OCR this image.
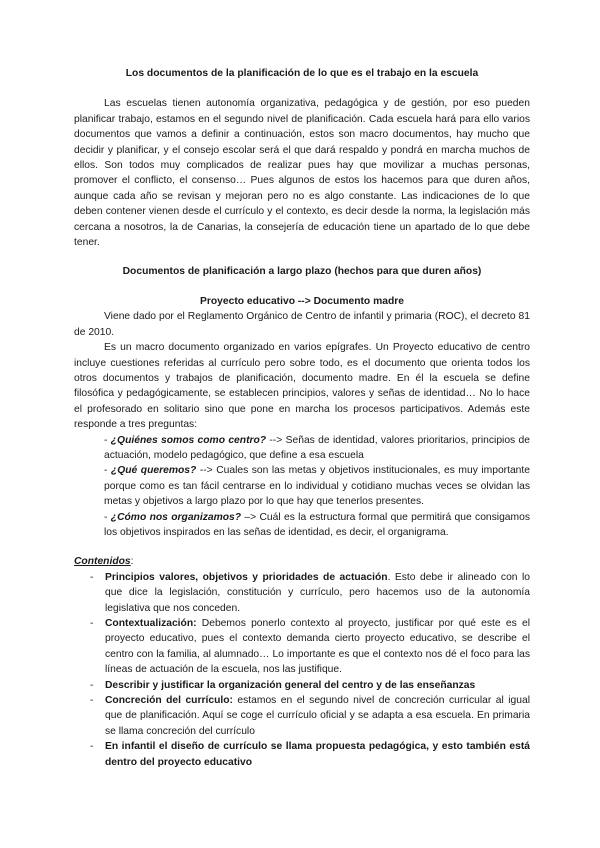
Los documentos de la planificación de lo que es el trabajo en la escuela

Las escuelas tienen autonomía organizativa, pedagógica y de gestión, por eso pueden planificar trabajo, estamos en el segundo nivel de planificación. Cada escuela hará para ello varios documentos que vamos a definir a continuación, estos son macro documentos, hay mucho que decidir y planificar, y el consejo escolar será el que dará respaldo y pondrá en marcha muchos de ellos. Son todos muy complicados de realizar pues hay que movilizar a muchas personas, promover el conflicto, el consenso… Pues algunos de estos los hacemos para que duren años, aunque cada año se revisan y mejoran pero no es algo constante. Las indicaciones de lo que deben contener vienen desde el currículo y el contexto, es decir desde la norma, la legislación más cercana a nosotros, la de Canarias, la consejería de educación tiene un apartado de lo que debe tener.

Documentos de planificación a largo plazo (hechos para que duren años)

Proyecto educativo --> Documento madre

Viene dado por el Reglamento Orgánico de Centro de infantil y primaria (ROC), el decreto 81 de 2010.

Es un macro documento organizado en varios epígrafes. Un Proyecto educativo de centro incluye cuestiones referidas al currículo pero sobre todo, es el documento que orienta todos los otros documentos y trabajos de planificación, documento madre. En él la escuela se define filosófica y pedagógicamente, se establecen principios, valores y señas de identidad… No lo hace el profesorado en solitario sino que pone en marcha los procesos participativos. Además este responde a tres preguntas:

- ¿Quiénes somos como centro? --> Señas de identidad, valores prioritarios, principios de actuación, modelo pedagógico, que define a esa escuela

- ¿Qué queremos? --> Cuales son las metas y objetivos institucionales, es muy importante porque como es tan fácil centrarse en lo individual y cotidiano muchas veces se olvidan las metas y objetivos a largo plazo por lo que hay que tenerlos presentes.

- ¿Cómo nos organizamos? –> Cuál es la estructura formal que permitirá que consigamos los objetivos inspirados en las señas de identidad, es decir, el organigrama.

Contenidos:

- Principios valores, objetivos y prioridades de actuación. Esto debe ir alineado con lo que dice la legislación, constitución y currículo, pero hacemos uso de la autonomía legislativa que nos conceden.
- Contextualización: Debemos ponerlo contexto al proyecto, justificar por qué este es el proyecto educativo, pues el contexto demanda cierto proyecto educativo, se describe el centro con la familia, al alumnado… Lo importante es que el contexto nos dé el foco para las líneas de actuación de la escuela, nos las justifique.
- Describir y justificar la organización general del centro y de las enseñanzas
- Concreción del currículo: estamos en el segundo nivel de concreción curricular al igual que de planificación. Aquí se coge el currículo oficial y se adapta a esa escuela. En primaria se llama concreción del currículo
- En infantil el diseño de currículo se llama propuesta pedagógica, y esto también está dentro del proyecto educativo
